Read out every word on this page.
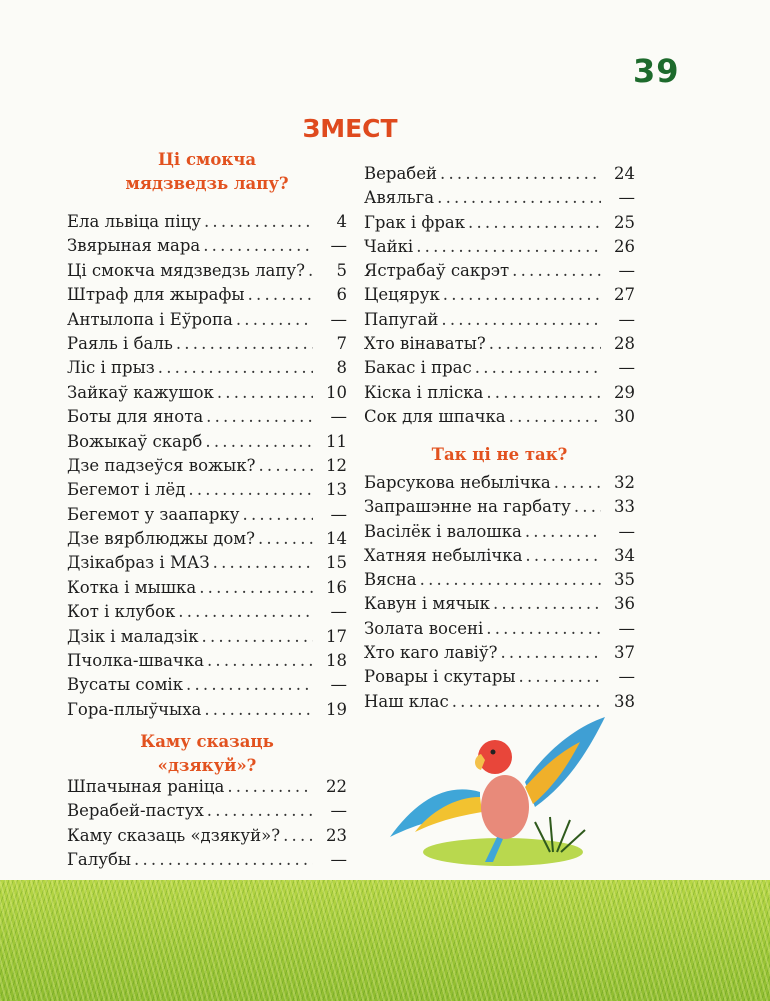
39
ЗМЕСТ
Ці смокча
мядзведзь лапу?
Ела львіца піцу .....	4
Звярыная мара .....	—
Ці смокча мядзведзь лапу? .....	5
Штраф для жырафы .....	6
Антылопа і Еўропа .....	—
Раяль і баль .....	7
Ліс і прыз .....	8
Зайкаў кажушок .....	10
Боты для янота .....	—
Вожыкаў скарб .....	11
Дзе падзеўся вожык? .....	12
Бегемот і лёд .....	13
Бегемот у заапарку .....	—
Дзе вярблюджы дом? .....	14
Дзікабраз і МАЗ .....	15
Котка і мышка .....	16
Кот і клубок .....	—
Дзік і маладзік .....	17
Пчолка-швачка .....	18
Вусаты сомік .....	—
Гора-плыўчыха .....	19
Каму сказаць
«дзякуй»?
Шпачыная раніца .....	22
Верабей-пастух .....	—
Каму сказаць «дзякуй»? .....	23
Галубы .....	—
Верабей .....	24
Авяльга .....	—
Грак і фрак .....	25
Чайкі .....	26
Ястрабаў сакрэт .....	—
Цецярук .....	27
Папугай .....	—
Хто вінаваты? .....	28
Бакас і прас .....	—
Кіска і пліска .....	29
Сок для шпачка .....	30
Так ці не так?
Барсукова небылічка .....	32
Запрашэнне на гарбату .....	33
Васілёк і валошка .....	—
Хатняя небылічка .....	34
Вясна .....	35
Кавун і мячык .....	36
Золата восені .....	—
Хто каго лавіў? .....	37
Ровары і скутары .....	—
Наш клас .....	38
